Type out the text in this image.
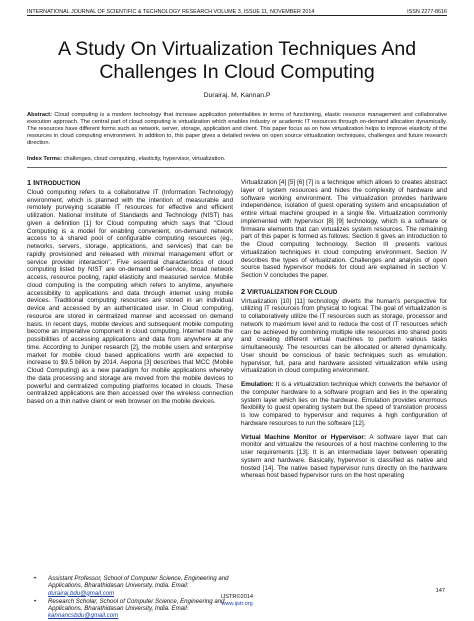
INTERNATIONAL JOURNAL OF SCIENTIFIC & TECHNOLOGY RESEARCH VOLUME 3, ISSUE 11, NOVEMBER 2014	ISSN 2277-8616
A Study On Virtualization Techniques And Challenges In Cloud Computing
Durairaj. M, Kannan.P

Abstract: Cloud computing is a modern technology that increase application potentialities in terms of functioning, elastic resource management and collaborative execution approach. The central part of cloud computing is virtualization which enables industry or academic IT resources through on-demand allocation dynamically. The resources have different forms such as network, server, storage, application and client. This paper focus as on how virtualization helps to improve elasticity of the resources in cloud computing environment. In addition to, this paper gives a detailed review on open source virtualization techniques, challenges and future research direction.

Index Terms: challenges, cloud computing, elasticity, hypervisor, virtualization.

1 INTRODUCTION

Cloud computing refers to a collaborative IT (Information Technology) environment, which is planned with the intention of measurable and remotely purveying scalable IT resources for effective and efficient utilization. National Institute of Standards and Technology (NIST) has given a definition [1] for Cloud computing which says that "Cloud Computing is a model for enabling convenient, on-demand network access to a shared pool of configurable computing resources (eg., networks, servers, storage, applications, and services) that can be rapidly provisioned and released with minimal management effort or service provider interaction". Five essential characteristics of cloud computing listed by NIST are on-demand self-service, broad network access, resource pooling, rapid elasticity and measured service. Mobile cloud computing is the computing which refers to anytime, anywhere accessibility to applications and data through internet using mobile devices. Traditional computing resources are stored in an individual device and accessed by an authenticated user. In Cloud computing, resource are stored in centralized manner and accessed on demand basis. In recent days, mobile devices and subsequent mobile computing become an imperative component in cloud computing. Internet made the possibilities of accessing applications and data from anywhere at any time. According to Juniper research [2], the mobile users and enterprise market for mobile cloud based applications worth are expected to increase to $9.5 billion by 2014. Aepona [3] describes that MCC (Mobile Cloud Computing) as a new paradigm for mobile applications whereby the data processing and storage are moved from the mobile devices to powerful and centralized computing platforms located in clouds. These centralized applications are then accessed over the wireless connection based on a thin native client or web browser on the mobile devices.

Virtualization [4] [5] [6] [7] is a technique which allows to creates abstract layer of system resources and hides the complexity of hardware and software working environment. The virtualization provides hardware independence, isolation of guest operating system and encapsulation of entire virtual machine grouped in a single file. Virtualization commonly implemented with hypervisor [8] [9] technology, which is a software or firmware elements that can virtualizes system resources. The remaining part of this paper is formed as follows: Section II gives an introduction to the Cloud computing technology. Section III presents various virtualization techniques in cloud computing environment. Section IV describes the types of virtualization. Challenges and analysis of open source based hypervisor models for cloud are explained in section V. Section V concludes the paper.

2 VIRTUALIZATION FOR CLOUD

Virtualization [10] [11] technology diverts the human's perspective for utilizing IT resources from physical to logical. The goal of virtualization is to collaboratively utilize the IT resources such as storage, processor and network to maximum level and to reduce the cost of IT resources which can be achieved by combining multiple idle resources into shared pools and creating different virtual machines to perform various tasks simultaneously. The resources can be allocated or altered dynamically. User should be conscious of basic techniques such as emulation, hypervisor, full, para and hardware assisted virtualization while using virtualization in cloud computing environment.

Emulation: It is a virtualization technique which converts the behavior of the computer hardware to a software program and lies in the operating system layer which lies on the hardware. Emulation provides enormous flexibility to guest operating system but the speed of translation process is low compared to hypervisor and requires a high configuration of hardware resources to run the software [12].

Virtual Machine Monitor or Hypervisor: A software layer that can monitor and virtualize the resources of a host machine conferring to the user requirements [13]. It is an intermediate layer between operating system and hardware. Basically, hypervisor is classified as native and hosted [14]. The native based hypervisor runs directly on the hardware whereas host based hypervisor runs on the host operating

•	Assistant Professor, School of Computer Science, Engineering and Applications, Bharathidasan University, India. Email: durairaj.bdu@gmail.com
•	Research Scholar, School of Computer Science, Engineering and Applications, Bharathidasan University, India. Email: kannancsbdu@gmail.com
147
IJSTR©2014
www.ijstr.org
